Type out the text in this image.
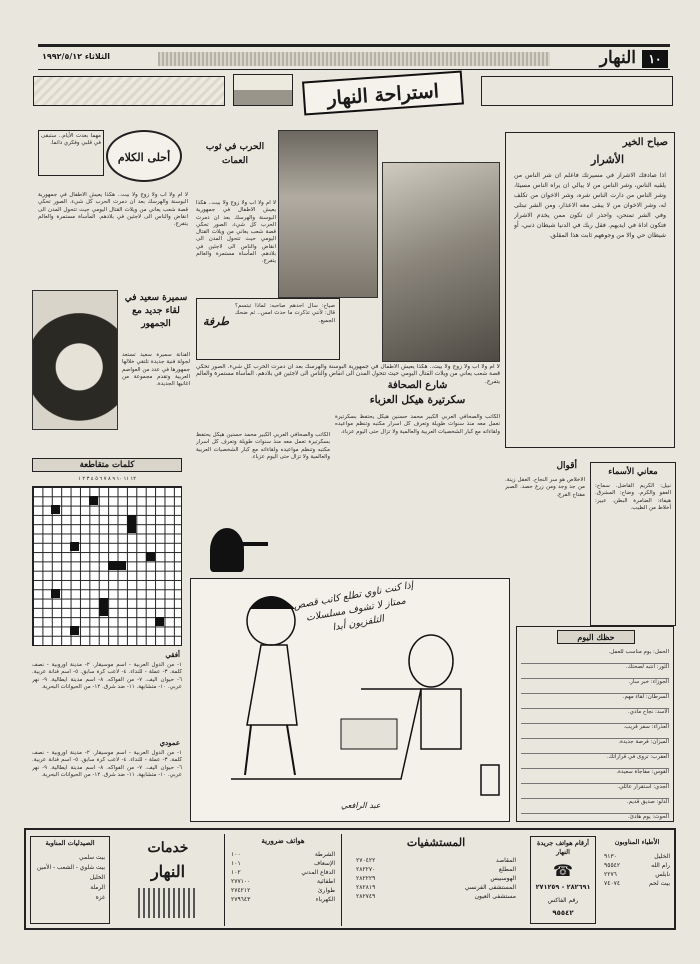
١٠
النهار
الثلاثاء ١٩٩٢/٥/١٢
استراحة النهار
صباح الخير
الأشرار
اذا صادفك الاشرار في مسيرتك فاعلم ان شر الناس من يلقيه الناس، وشر الناس من لا يبالي ان يراه الناس مسيئا، وشر الناس من دارت الناس شره، وشر الاخوان من تكلف له، وشر الاخوان من لا يبقى معه الاعذار، ومن الشر تبتلى وفي الشر تمتحن، واحذر ان تكون ممن يخدم الاشرار فتكون اداة في ايديهم. فقل ربك في الدنيا شيطان ذنبي، أو شيطان حي والا من وجوههم ثابت هذا المقلق.
أحلى الكلام
مهما بعدت الأيام.. ستبقى في قلبي وفكري دائما.
لا ام ولا اب ولا زوج ولا بيت.. هكذا يعيش الاطفال في جمهورية البوسنة والهرسك بعد ان دمرت الحرب كل شيء. الصور تحكي قصة شعب يعاني من ويلات القتال اليومي حيث تتحول المدن الى انقاض والناس الى لاجئين في بلادهم. المأساة مستمرة والعالم يتفرج.
الحرب في ثوب العمات
لا ام ولا اب ولا زوج ولا بيت.. هكذا يعيش الاطفال في جمهورية البوسنة والهرسك بعد ان دمرت الحرب كل شيء. الصور تحكي قصة شعب يعاني من ويلات القتال اليومي حيث تتحول المدن الى انقاض والناس الى لاجئين في بلادهم. المأساة مستمرة والعالم يتفرج.
طرفة
صياح: سأل احدهم صاحبه: لماذا تبتسم؟ قال: لأنني تذكرت ما حدث امس.. ثم ضحك الجميع.
سميرة سعيد في لقاء جديد مع الجمهور
الفنانة سميرة سعيد تستعد لجولة فنية جديدة تلتقي خلالها جمهورها في عدد من العواصم العربية وتقدم مجموعة من اغانيها الجديدة.
لا ام ولا اب ولا زوج ولا بيت.. هكذا يعيش الاطفال في جمهورية البوسنة والهرسك بعد ان دمرت الحرب كل شيء. الصور تحكي قصة شعب يعاني من ويلات القتال اليومي حيث تتحول المدن الى انقاض والناس الى لاجئين في بلادهم. المأساة مستمرة والعالم يتفرج.
كلمات متقاطعة
١٢ ١١ ١٠ ٩ ٨ ٧ ٦ ٥ ٤ ٣ ٢ ١
شارع الصحافة
سكرتيرة هيكل العزباء
الكاتب والصحافي العربي الكبير محمد حسنين هيكل يحتفظ بسكرتيرة تعمل معه منذ سنوات طويلة وتعرف كل اسرار مكتبه وتنظم مواعيده ولقاءاته مع كبار الشخصيات العربية والعالمية ولا تزال حتى اليوم عزباء.
الكاتب والصحافي العربي الكبير محمد حسنين هيكل يحتفظ بسكرتيرة تعمل معه منذ سنوات طويلة وتعرف كل اسرار مكتبه وتنظم مواعيده ولقاءاته مع كبار الشخصيات العربية والعالمية ولا تزال حتى اليوم عزباء.
أقوال
الاخلاص هو سر النجاح. العقل زينة. من جد وجد ومن زرع حصد. الصبر مفتاح الفرج.
معاني الأسماء
نبيل: الكريم الفاضل. سماح: العفو والكرم. وضاح: المشرق. هيفاء: الضامرة البطن. عبير: أخلاط من الطيب.
أفقي
١- من الدول العربية - اسم موسيقار. ٢- مدينة اوروبية - نصف كلمة. ٣- عملة - للنداء. ٤- لاعب كرة سابق. ٥- اسم فنانة عربية. ٦- حيوان اليف. ٧- من الفواكه. ٨- اسم مدينة ايطالية. ٩- نهر عربي. ١٠- متشابهة. ١١- ضد شرق. ١٢- من الحيوانات البحرية.
عمودي
١- من الدول العربية - اسم موسيقار. ٢- مدينة اوروبية - نصف كلمة. ٣- عملة - للنداء. ٤- لاعب كرة سابق. ٥- اسم فنانة عربية. ٦- حيوان اليف. ٧- من الفواكه. ٨- اسم مدينة ايطالية. ٩- نهر عربي. ١٠- متشابهة. ١١- ضد شرق. ١٢- من الحيوانات البحرية.
إذا كنت ناوي تطلع كاتب قصص ممتاز لا تشوف مسلسلات التلفزيون أبدا
عبد الرافعي
حظك اليوم
الحمل: يوم مناسب للعمل.
الثور: انتبه لصحتك.
الجوزاء: خبر سار.
السرطان: لقاء مهم.
الأسد: نجاح مادي.
العذراء: سفر قريب.
الميزان: فرصة جديدة.
العقرب: تروى في قراراتك.
القوس: مفاجأة سعيدة.
الجدي: استقرار عائلي.
الدلو: صديق قديم.
الحوت: يوم هادئ.
الصيدليات المناوبة
بيت سلمي
بيت شلوي - الشعب - الأمين
الخليل
الرملة
غزة
خدمات
النهار
هواتف ضرورية
الشرطة
١٠٠
الإسعاف
١٠١
الدفاع المدني
١٠٢
اطفائية
٢٧٧١٠٠
طوارئ
٢٧٤٢١٢
الكهرباء
٢٧٩٦٤٣
المستشفيات
المقاصد
٢٧٠٤٢٢
المطلع
٢٨٢٢٧٠
الهوسبيس
٢٨٢٢٢٩
المستشفى الفرنسي
٢٨٢٨١٩
مستشفى العيون
٢٨٢٧٤٩
أرقام هواتف جريدة النهار
☎
٢٨٢٦٩١ - ٢٧١٢٥٩
رقم الفاكس
٩٥٥٤٢
الأطباء المناوبون
الخليل
٩١٣٠
رام الله
٩٥٥٤٢
نابلس
٢٢٧٦
بيت لحم
٧٤٠٧٤
